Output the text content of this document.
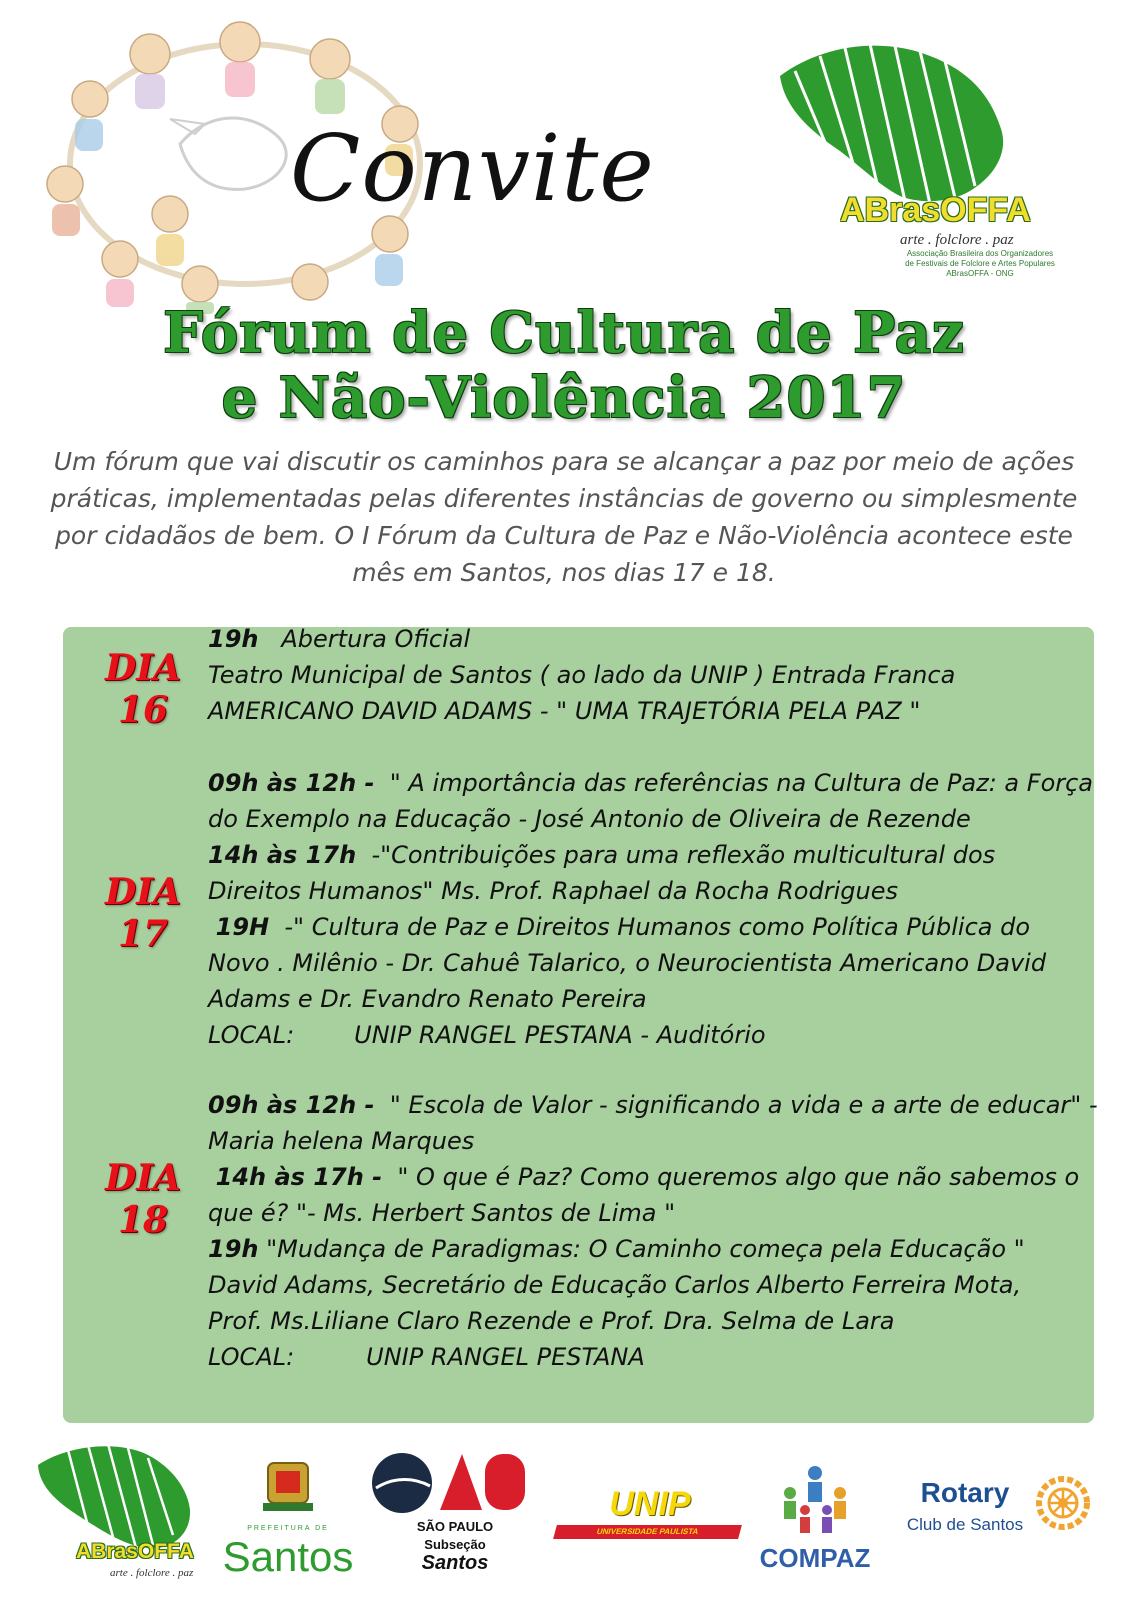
Convite	ABrasOFFA
arte . folclore . paz
Associação Brasileira dos Organizadores
de Festivais de Folclore e Artes Populares
ABrasOFFA - ONG
Fórum de Cultura de Paz
e Não-Violência 2017
Um fórum que vai discutir os caminhos para se alcançar a paz por meio de ações
práticas, implementadas pelas diferentes instâncias de governo ou simplesmente
por cidadãos de bem. O I Fórum da Cultura de Paz e Não-Violência acontece este
mês em Santos, nos dias 17 e 18.
DIA
16
19h Abertura Oficial
Teatro Municipal de Santos ( ao lado da UNIP ) Entrada Franca
AMERICANO DAVID ADAMS - " UMA TRAJETÓRIA PELA PAZ "
DIA
17
09h às 12h - " A importância das referências na Cultura de Paz: a Força
do Exemplo na Educação - José Antonio de Oliveira de Rezende
14h às 17h -"Contribuições para uma reflexão multicultural dos
Direitos Humanos" Ms. Prof. Raphael da Rocha Rodrigues
19H -" Cultura de Paz e Direitos Humanos como Política Pública do
Novo . Milênio - Dr. Cahuê Talarico, o Neurocientista Americano David
Adams e Dr. Evandro Renato Pereira
LOCAL:	UNIP RANGEL PESTANA - Auditório
DIA
18
09h às 12h - " Escola de Valor - significando a vida e a arte de educar" -
Maria helena Marques
14h às 17h - " O que é Paz? Como queremos algo que não sabemos o
que é? "- Ms. Herbert Santos de Lima "
19h "Mudança de Paradigmas: O Caminho começa pela Educação "
David Adams, Secretário de Educação Carlos Alberto Ferreira Mota,
Prof. Ms.Liliane Claro Rezende e Prof. Dra. Selma de Lara
LOCAL:	UNIP RANGEL PESTANA
ABrasOFFA
arte . folclore . paz
PREFEITURA DE
Santos
SÃO PAULO
Subseção
Santos
UNIP
UNIVERSIDADE PAULISTA
COMPAZ
Rotary
Club de Santos
